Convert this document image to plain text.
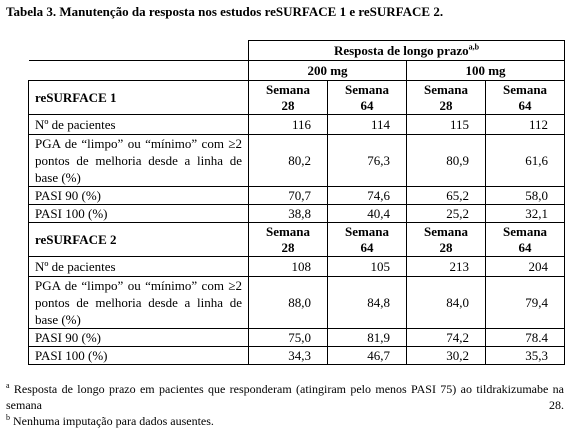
Tabela 3. Manutenção da resposta nos estudos reSURFACE 1 e reSURFACE 2.
	Resposta de longo prazo$^{a,b}$
	200 mg		100 mg	
reSURFACE 1	Semana 28	Semana 64	Semana 28	Semana 64

Nº de pacientes	116	114	115	112
PGA de “limpo” ou “mínimo” com ≥2 pontos de melhoria desde a linha de base (%)	80,2	76,3	80,9	61,6
PASI 90 (%)	70,7	74,6	65,2	58,0
PASI 100 (%)	38,8	40,4	25,2	32,1
reSURFACE 2	Semana 28	Semana 64	Semana 28	Semana 64

Nº de pacientes	108	105	213	204
PGA de “limpo” ou “mínimo” com ≥2 pontos de melhoria desde a linha de base (%)	88,0	84,8	84,0	79,4
PASI 90 (%)	75,0	81,9	74,2	78.4
PASI 100 (%)	34,3	46,7	30,2	35,3
$^a$ Resposta de longo prazo em pacientes que responderam (atingiram pelo menos PASI 75) ao tildrakizumabe na semana 28.
$^b$ Nenhuma imputação para dados ausentes.
